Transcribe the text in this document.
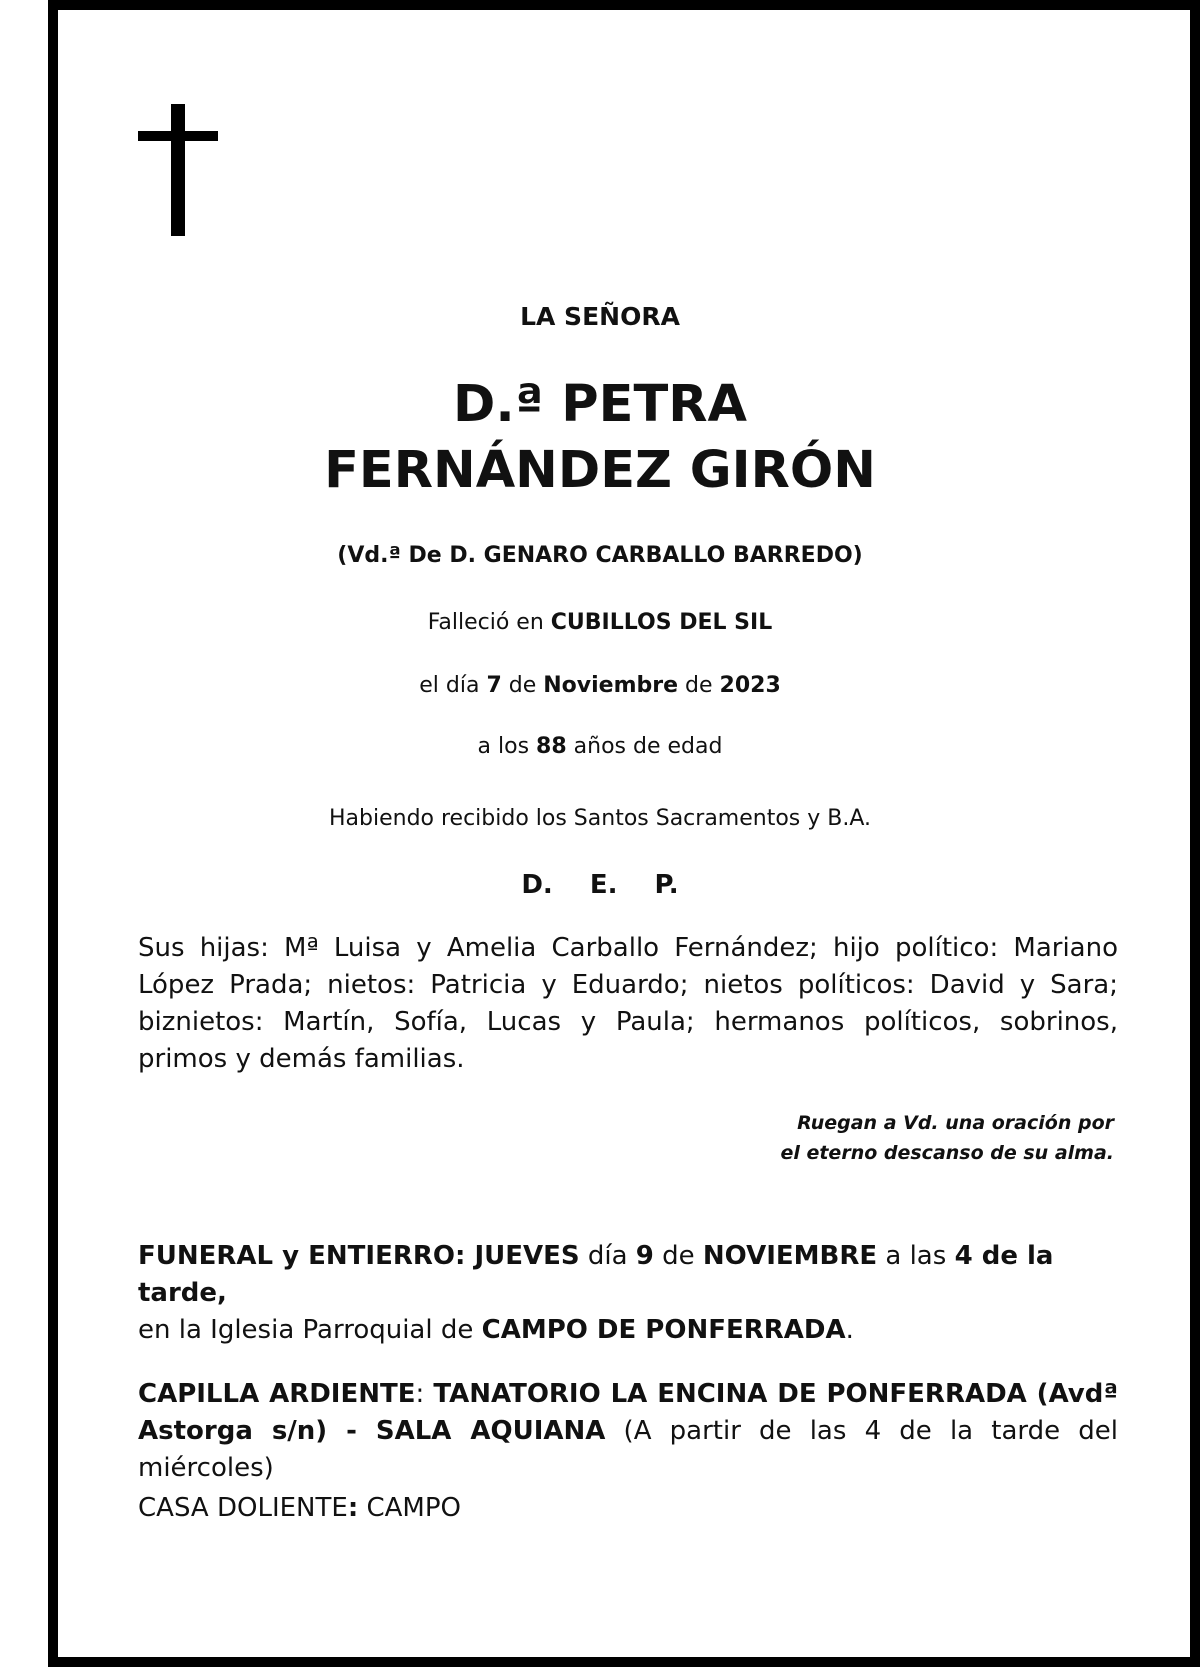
LA SEÑORA
D.ª PETRA
FERNÁNDEZ GIRÓN
(Vd.ª De D. GENARO CARBALLO BARREDO)
Falleció en CUBILLOS DEL SIL
el día 7 de Noviembre de 2023
a los 88 años de edad
Habiendo recibido los Santos Sacramentos y B.A.
D. E. P.
Sus hijas: Mª Luisa y Amelia Carballo Fernández; hijo político: Mariano López Prada; nietos: Patricia y Eduardo; nietos políticos: David y Sara; biznietos: Martín, Sofía, Lucas y Paula; hermanos políticos, sobrinos, primos y demás familias.
Ruegan a Vd. una oración por
el eterno descanso de su alma.
FUNERAL y ENTIERRO: JUEVES día 9 de NOVIEMBRE a las 4 de la tarde,
en la Iglesia Parroquial de CAMPO DE PONFERRADA.
CAPILLA ARDIENTE: TANATORIO LA ENCINA DE PONFERRADA (Avdª Astorga s/n) - SALA AQUIANA (A partir de las 4 de la tarde del miércoles)
CASA DOLIENTE: CAMPO
